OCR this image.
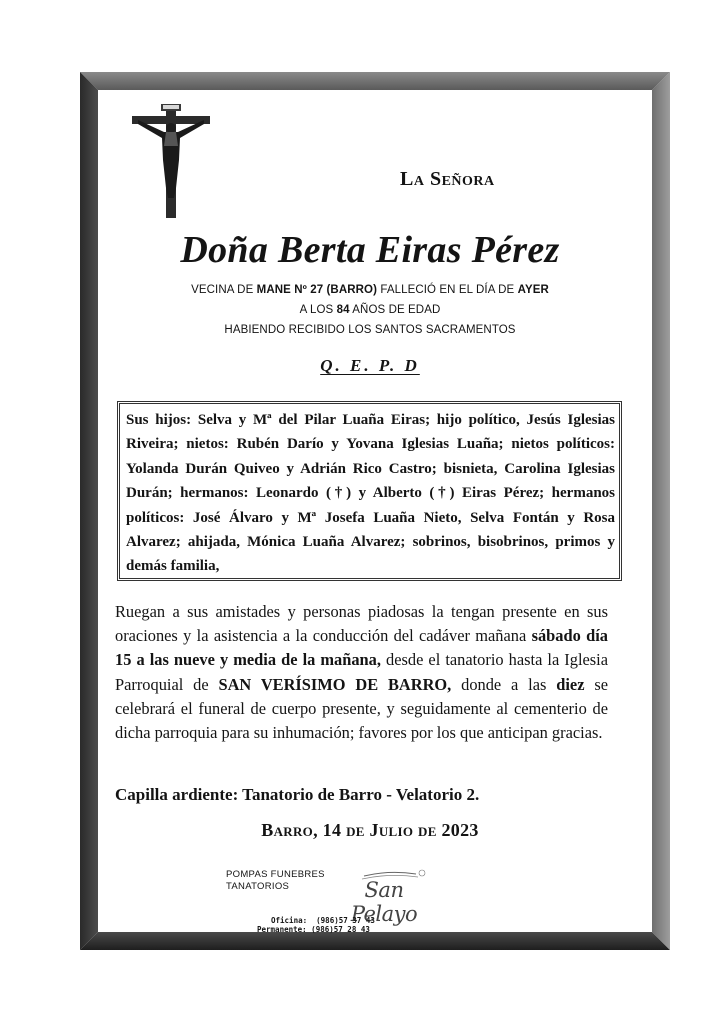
La Señora
Doña Berta Eiras Pérez
VECINA DE MANE Nº 27 (BARRO) FALLECIÓ EN EL DÍA DE AYER
A LOS 84 AÑOS DE EDAD
HABIENDO RECIBIDO LOS SANTOS SACRAMENTOS
Q. E. P. D
Sus hijos: Selva y Mª del Pilar Luaña Eiras; hijo político, Jesús Iglesias Riveira; nietos: Rubén Darío y Yovana Iglesias Luaña; nietos políticos: Yolanda Durán Quiveo y Adrián Rico Castro; bisnieta, Carolina Iglesias Durán; hermanos: Leonardo (†) y Alberto (†) Eiras Pérez; hermanos políticos: José Álvaro y Mª Josefa Luaña Nieto, Selva Fontán y Rosa Alvarez; ahijada, Mónica Luaña Alvarez; sobrinos, bisobrinos, primos y demás familia,
Ruegan a sus amistades y personas piadosas la tengan presente en sus oraciones y la asistencia a la conducción del cadáver mañana sábado día 15 a las nueve y media de la mañana, desde el tanatorio hasta la Iglesia Parroquial de SAN VERÍSIMO DE BARRO, donde a las diez se celebrará el funeral de cuerpo presente, y seguidamente al cementerio de dicha parroquia para su inhumación; favores por los que anticipan gracias.
Capilla ardiente: Tanatorio de Barro - Velatorio 2.
Barro, 14 de Julio de 2023
POMPAS FUNEBRES
TANATORIOS	San Pelayo
Oficina:  (986)57 37 43
Permanente: (986)57 28 43
